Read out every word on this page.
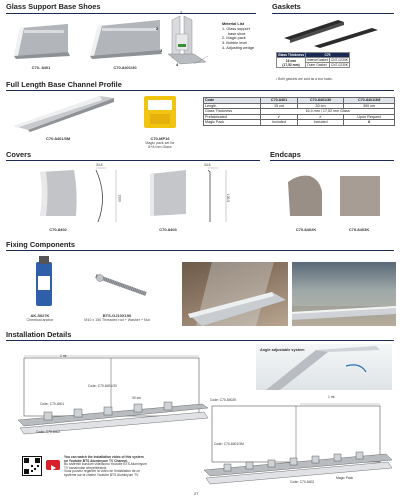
Glass Support Base Shoes
C70- 8401	C70-8401/30
2
3
4
1
Meterial List
1- Glass support
base shoe
2- Magic pack
3- Bubble level
4- Adjusting wedge
Gaskets
Glass Thickness	C70	

16 mm
(17,52 mm)	InteriorGasket	CNT-0230K
	Outer Gasket	CNT-0230K
• Both gaskets are sold as a box basis.
Full Length Base Channel Profile
C70-8401/3M	C70-MP16
Magic pack set for
8+8 mm Glass
Code	C70-8401	C70-8401/30	C70-8401/3M
Length	15 cm	30 cm	300 cm
Glass Thickness	16,4 mm / 17,52 mm Glass		
Prefabricated	✔	✔	Upon Request
Magic Pack	Included	Included	✘
Covers
C70-8402
34.8
1000
C70-8403
34.8
100.5
Endcaps
C70-8402K	C70-8403K
Fixing Components
AK-5027K
Chemical anchor
BTS-GJ10X150
M10 x 150 Threaded rod + Washer + Nut
Installation Details
1 mt
Code: C70-8401/30
30 cm
Code: C70-8401
Code: C70-8402
Angle adjustable system
Code: C70-8402K
1 mt
Code: C70-8401/3M
Magic Pack
Code: C70-8402
You can watch the installation video of this system
on Youtube BTS Aluminyum TV Channel.
Bu sistemin kurulum videosunu Youtube BTS Aluminyum
TV kanalından izleyebilirsiniz.
Vous pouvez regarder la vidéo de l'installation de ce
système sur la chaîne Youtube BTS Aluminyum TV.
27
